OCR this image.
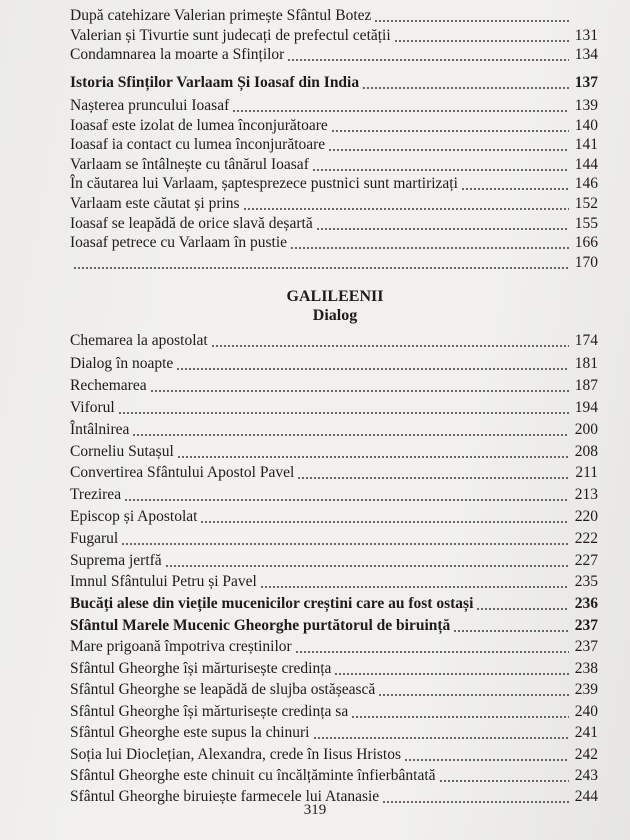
După catehizare Valerian primește Sfântul Botez
Valerian și Tivurtie sunt judecați de prefectul cetății	131
Condamnarea la moarte a Sfinților	134
Istoria Sfinților Varlaam Și Ioasaf din India	137
Nașterea pruncului Ioasaf	139
Ioasaf este izolat de lumea înconjurătoare	140
Ioasaf ia contact cu lumea înconjurătoare	141
Varlaam se întâlnește cu tânărul Ioasaf	144
În căutarea lui Varlaam, șaptesprezece pustnici sunt martirizați	146
Varlaam este căutat și prins	152
Ioasaf se leapădă de orice slavă deșartă	155
Ioasaf petrece cu Varlaam în pustie	166
170
GALILEENII
Dialog
Chemarea la apostolat	174
Dialog în noapte	181
Rechemarea	187
Viforul	194
Întâlnirea	200
Corneliu Sutașul	208
Convertirea Sfântului Apostol Pavel	211
Trezirea	213
Episcop și Apostolat	220
Fugarul	222
Suprema jertfă	227
Imnul Sfântului Petru și Pavel	235
Bucăți alese din viețile mucenicilor creștini care au fost ostași	236
Sfântul Marele Mucenic Gheorghe purtătorul de biruință	237
Mare prigoană împotriva creștinilor	237
Sfântul Gheorghe își mărturisește credința	238
Sfântul Gheorghe se leapădă de slujba ostășească	239
Sfântul Gheorghe își mărturisește credința sa	240
Sfântul Gheorghe este supus la chinuri	241
Soția lui Dioclețian, Alexandra, crede în Iisus Hristos	242
Sfântul Gheorghe este chinuit cu încălțăminte înfierbântată	243
Sfântul Gheorghe biruiește farmecele lui Atanasie	244
319
